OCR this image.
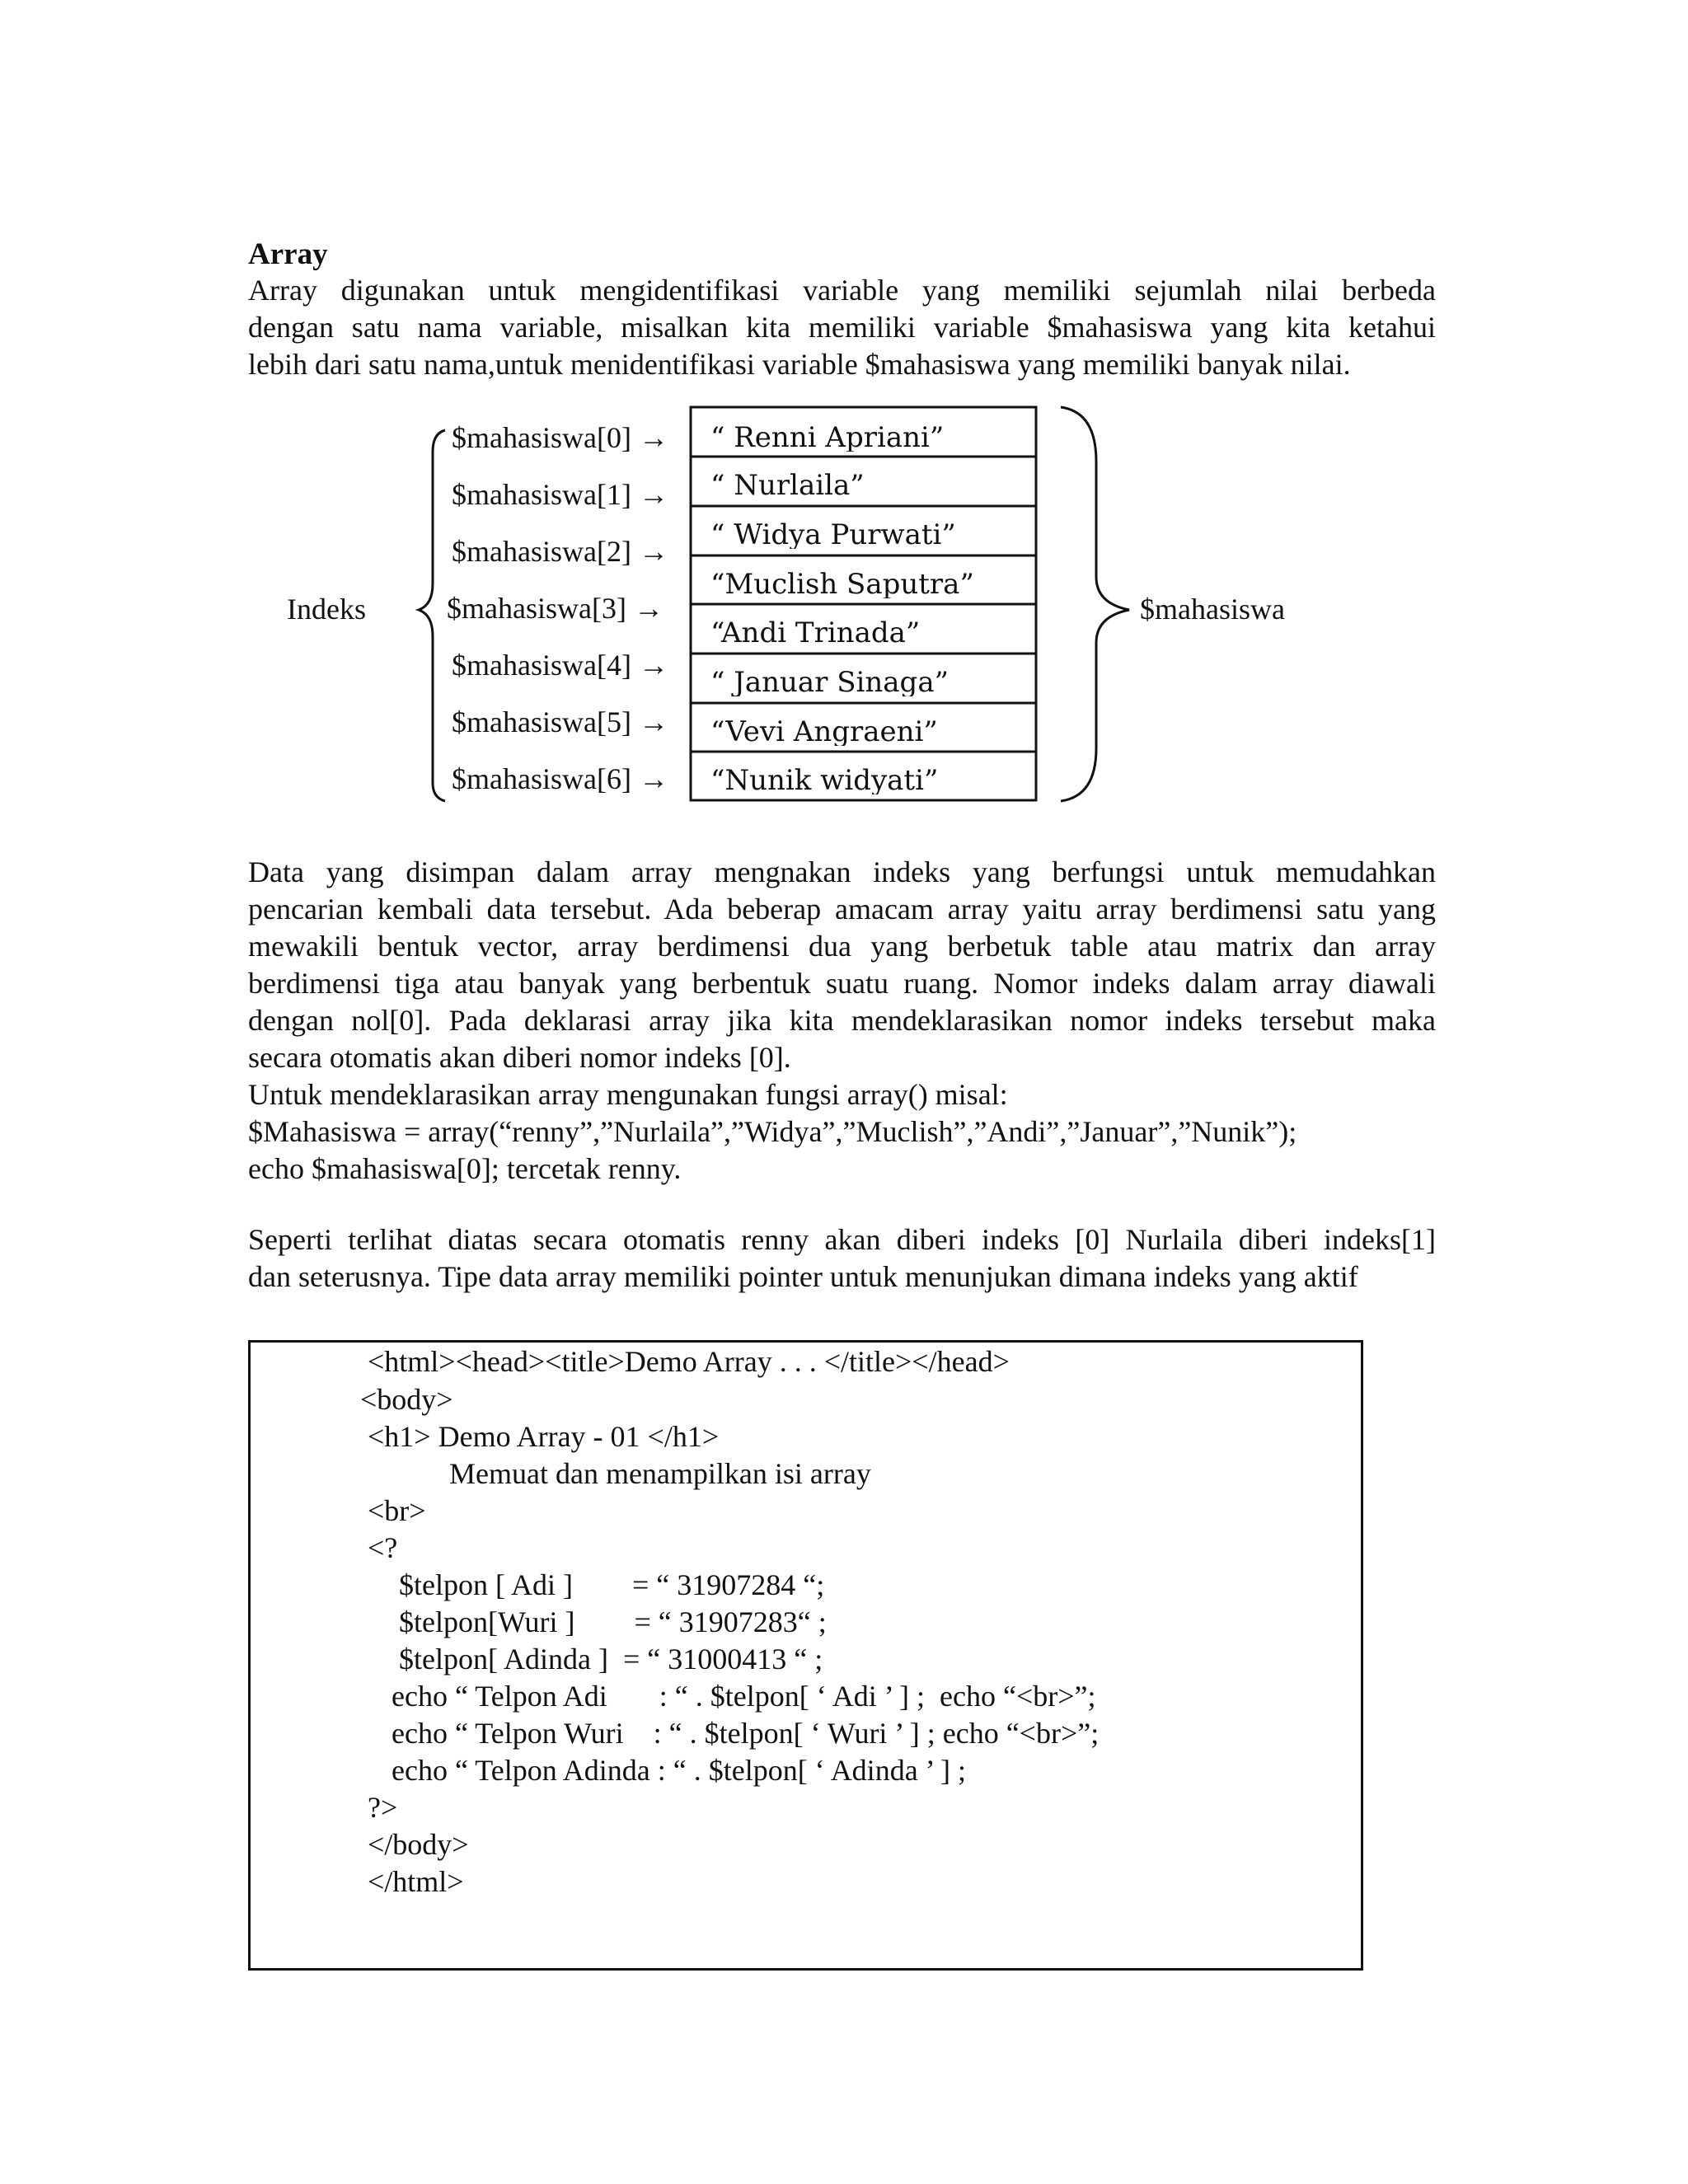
Array
Array digunakan untuk mengidentifikasi variable yang memiliki sejumlah nilai berbeda
dengan satu nama variable, misalkan kita memiliki variable $mahasiswa yang kita ketahui
lebih dari satu nama,untuk menidentifikasi variable $mahasiswa yang memiliki banyak nilai.
Indeks	$mahasiswa
$mahasiswa[0] →
$mahasiswa[1] →
$mahasiswa[2] →
$mahasiswa[3] →
$mahasiswa[4] →
$mahasiswa[5] →
$mahasiswa[6] →
“ Renni Apriani”
“ Nurlaila”
“ Widya Purwati”
“Muclish Saputra”
“Andi Trinada”
“ Januar Sinaga”
“Vevi Angraeni”
“Nunik widyati”
Data yang disimpan dalam array mengnakan indeks yang berfungsi untuk memudahkan
pencarian kembali data tersebut. Ada beberap amacam array yaitu array berdimensi satu yang
mewakili bentuk vector, array berdimensi dua yang berbetuk table atau matrix dan array
berdimensi tiga atau banyak yang berbentuk suatu ruang. Nomor indeks dalam array diawali
dengan nol[0]. Pada deklarasi array jika kita mendeklarasikan nomor indeks tersebut maka
secara otomatis akan diberi nomor indeks [0].
Untuk mendeklarasikan array mengunakan fungsi array() misal:
$Mahasiswa = array(“renny”,”Nurlaila”,”Widya”,”Muclish”,”Andi”,”Januar”,”Nunik”);
echo $mahasiswa[0]; tercetak renny.
Seperti terlihat diatas secara otomatis renny akan diberi indeks [0] Nurlaila diberi indeks[1]
dan seterusnya. Tipe data array memiliki pointer untuk menunjukan dimana indeks yang aktif
<html><head><title>Demo Array . . . </title></head>
<body>
<h1> Demo Array - 01 </h1>
Memuat dan menampilkan isi array
<br>
<?
$telpon [ Adi ]        = “ 31907284 “;
$telpon[Wuri ]        = “ 31907283“ ;
$telpon[ Adinda ]  = “ 31000413 “ ;
echo “ Telpon Adi       : “ . $telpon[ ‘ Adi ’ ] ;  echo “<br>”;
echo “ Telpon Wuri    : “ . $telpon[ ‘ Wuri ’ ] ; echo “<br>”;
echo “ Telpon Adinda : “ . $telpon[ ‘ Adinda ’ ] ;
?>
</body>
</html>
